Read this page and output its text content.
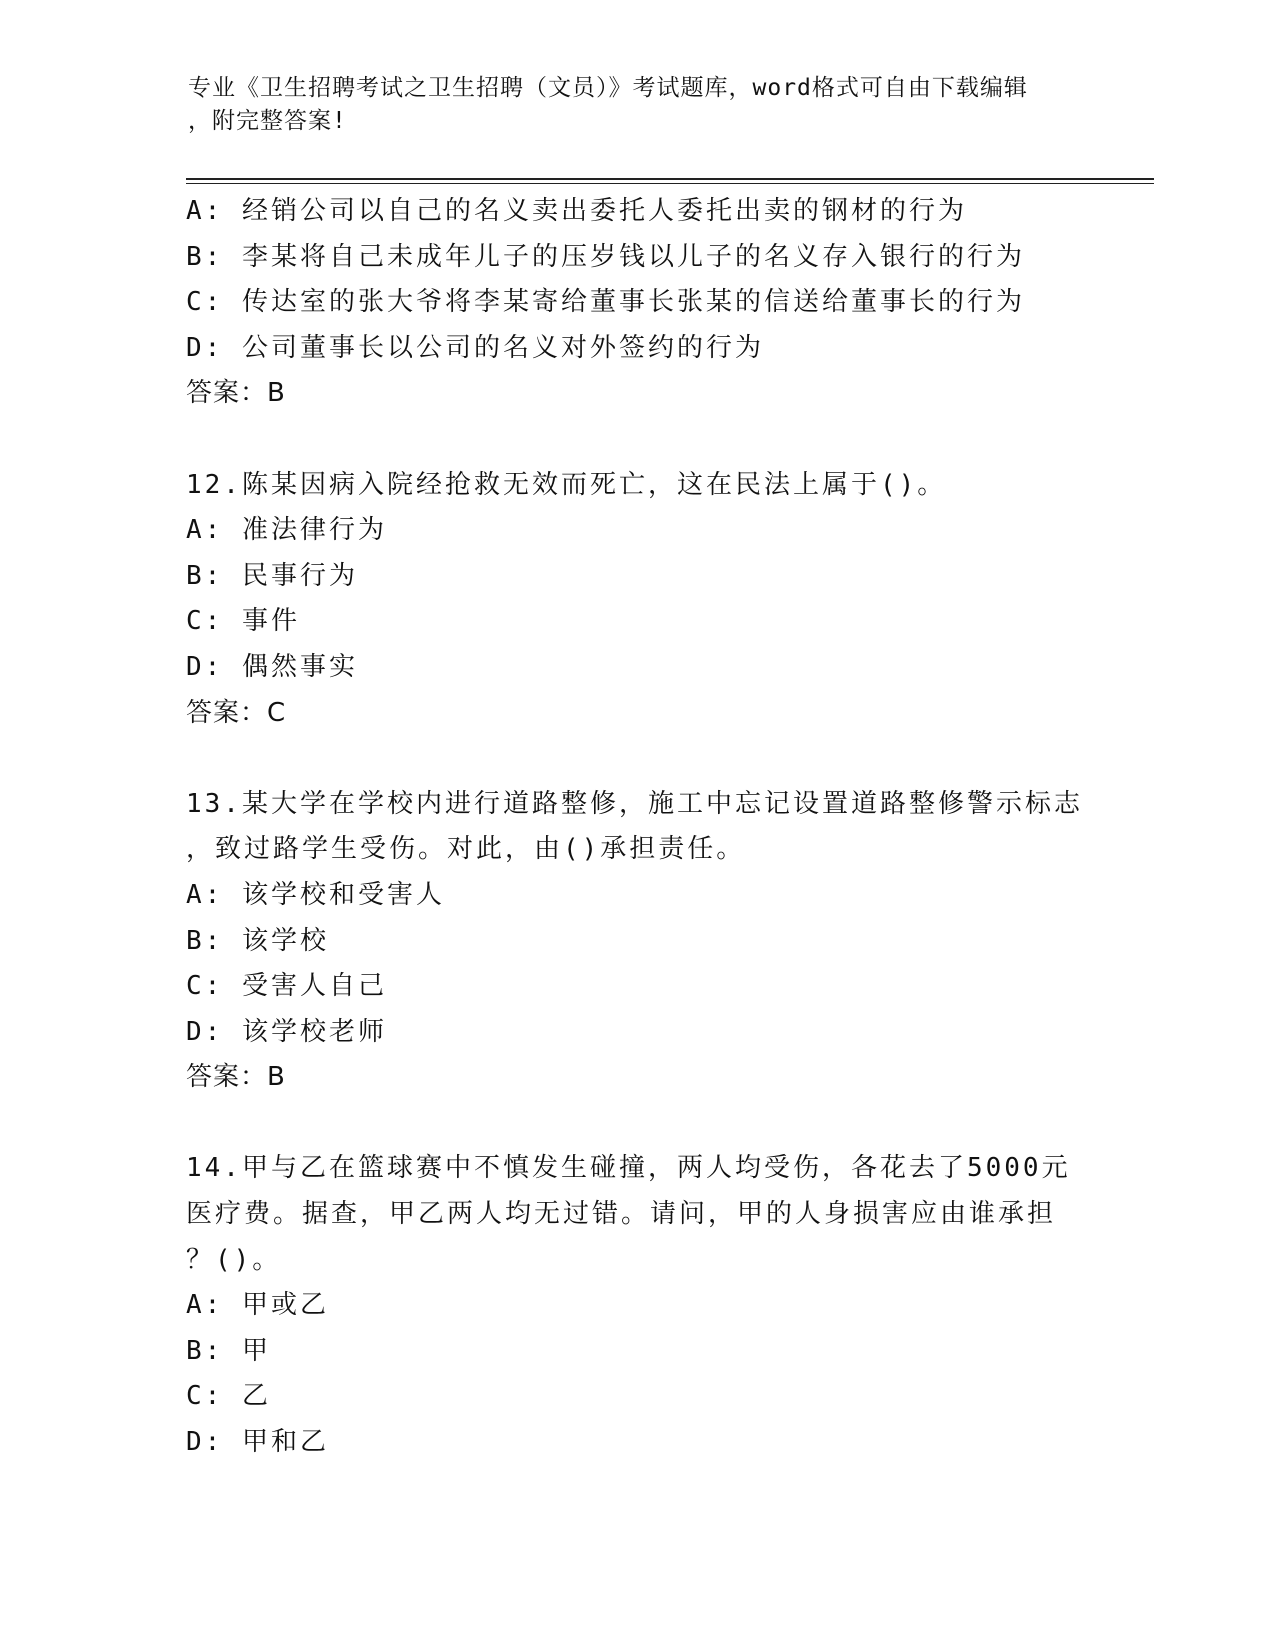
专业《卫生招聘考试之卫生招聘（文员）》考试题库，word格式可自由下载编辑
，附完整答案!
A: 经销公司以自己的名义卖出委托人委托出卖的钢材的行为
B: 李某将自己未成年儿子的压岁钱以儿子的名义存入银行的行为
C: 传达室的张大爷将李某寄给董事长张某的信送给董事长的行为
D: 公司董事长以公司的名义对外签约的行为
答案：B
12.陈某因病入院经抢救无效而死亡，这在民法上属于()。
A: 准法律行为
B: 民事行为
C: 事件
D: 偶然事实
答案：C
13.某大学在学校内进行道路整修，施工中忘记设置道路整修警示标志
，致过路学生受伤。对此，由()承担责任。
A: 该学校和受害人
B: 该学校
C: 受害人自己
D: 该学校老师
答案：B
14.甲与乙在篮球赛中不慎发生碰撞，两人均受伤，各花去了5000元
医疗费。据查，甲乙两人均无过错。请问，甲的人身损害应由谁承担
？()。
A: 甲或乙
B: 甲
C: 乙
D: 甲和乙
